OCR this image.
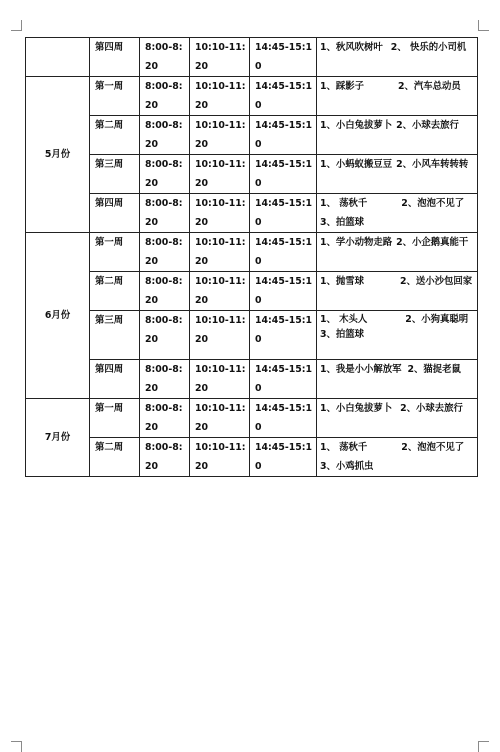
	第四周	8:00-8:20	10:10-11:20	14:45-15:10	1、秋风吹树叶 2、 快乐的小司机
5月份	第一周	8:00-8:20	10:10-11:20	14:45-15:10	1、踩影子 2、汽车总动员
	第二周	8:00-8:20	10:10-11:20	14:45-15:10	1、小白兔拔萝卜 2、小球去旅行
	第三周	8:00-8:20	10:10-11:20	14:45-15:10	1、小蚂蚁搬豆豆 2、小风车转转转
	第四周	8:00-8:20	10:10-11:20	14:45-15:10	1、 荡秋千 2、泡泡不见了
3、拍篮球
6月份	第一周	8:00-8:20	10:10-11:20	14:45-15:10	1、学小动物走路 2、小企鹅真能干
	第二周	8:00-8:20	10:10-11:20	14:45-15:10	1、抛雪球 2、送小沙包回家
	第三周	8:00-8:20	10:10-11:20	14:45-15:10	1、 木头人 2、小狗真聪明
3、拍篮球
	第四周	8:00-8:20	10:10-11:20	14:45-15:10	1、我是小小解放军 2、猫捉老鼠
7月份	第一周	8:00-8:20	10:10-11:20	14:45-15:10	1、小白兔拔萝卜 2、小球去旅行
	第二周	8:00-8:20	10:10-11:20	14:45-15:10	1、 荡秋千 2、泡泡不见了
3、小鸡抓虫
